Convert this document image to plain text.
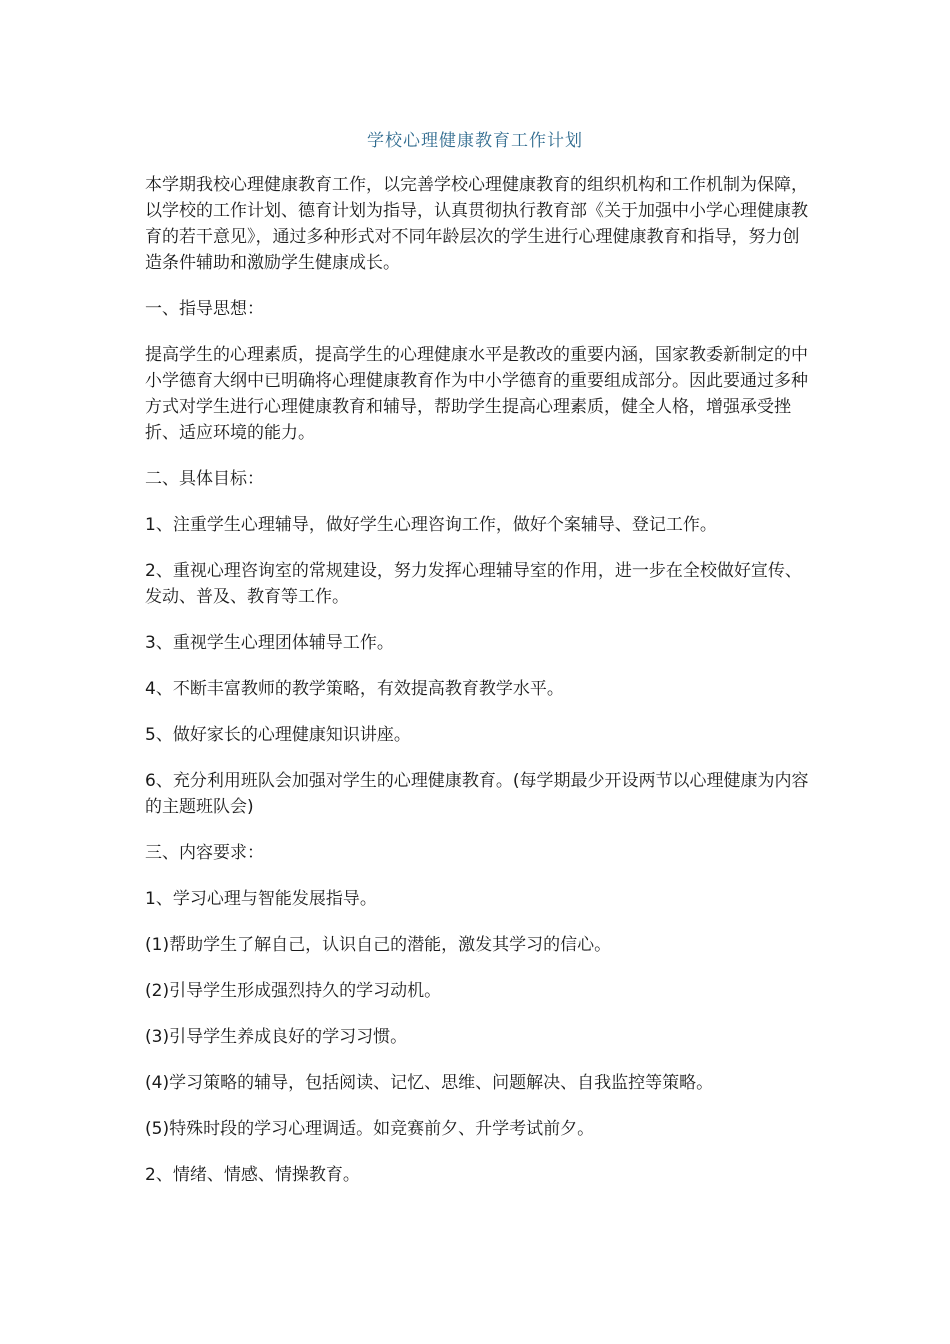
学校心理健康教育工作计划

本学期我校心理健康教育工作，以完善学校心理健康教育的组织机构和工作机制为保障，以学校的工作计划、德育计划为指导，认真贯彻执行教育部《关于加强中小学心理健康教育的若干意见》，通过多种形式对不同年龄层次的学生进行心理健康教育和指导，努力创造条件辅助和激励学生健康成长。

一、指导思想：

提高学生的心理素质，提高学生的心理健康水平是教改的重要内涵，国家教委新制定的中小学德育大纲中已明确将心理健康教育作为中小学德育的重要组成部分。因此要通过多种方式对学生进行心理健康教育和辅导，帮助学生提高心理素质，健全人格，增强承受挫折、适应环境的能力。

二、具体目标：

1、注重学生心理辅导，做好学生心理咨询工作，做好个案辅导、登记工作。

2、重视心理咨询室的常规建设，努力发挥心理辅导室的作用，进一步在全校做好宣传、发动、普及、教育等工作。

3、重视学生心理团体辅导工作。

4、不断丰富教师的教学策略，有效提高教育教学水平。

5、做好家长的心理健康知识讲座。

6、充分利用班队会加强对学生的心理健康教育。(每学期最少开设两节以心理健康为内容的主题班队会)

三、内容要求：

1、学习心理与智能发展指导。

(1)帮助学生了解自己，认识自己的潜能，激发其学习的信心。

(2)引导学生形成强烈持久的学习动机。

(3)引导学生养成良好的学习习惯。

(4)学习策略的辅导，包括阅读、记忆、思维、问题解决、自我监控等策略。

(5)特殊时段的学习心理调适。如竞赛前夕、升学考试前夕。

2、情绪、情感、情操教育。
